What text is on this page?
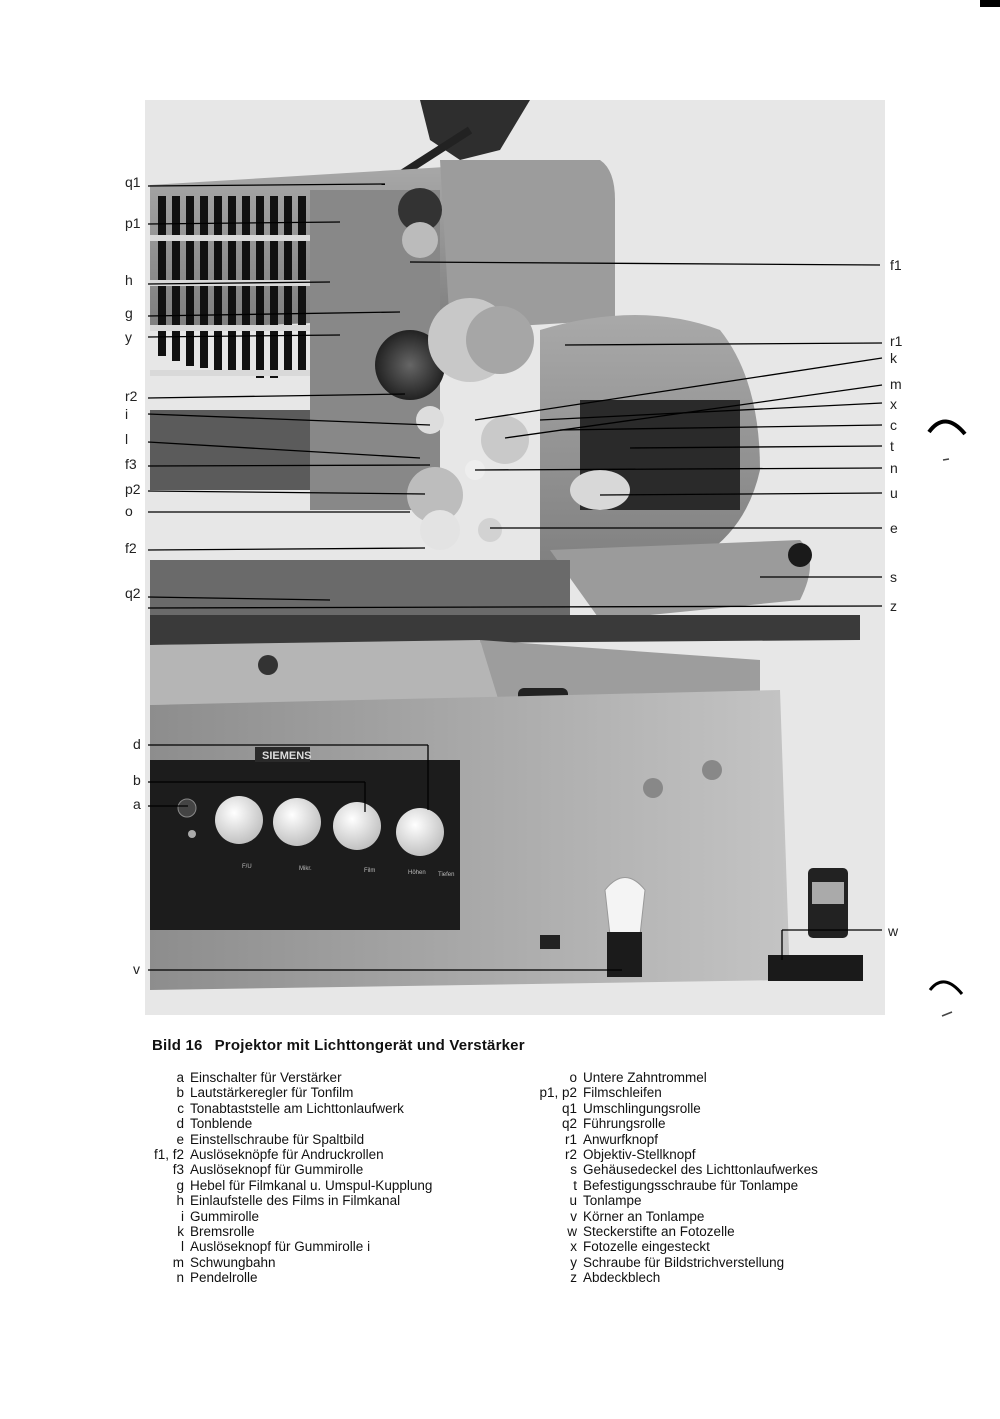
SIEMENS
F/U	Mikr.	Film	Höhen Tiefen
q1
p1
h
g
y
r2
i
l
f3
p2
o
f2
q2
d
b
a
v
f1
r1
k
m
x
c
t
n
u
e
s
z
w
Bild 16 Projektor mit Lichttongerät und Verstärker
a Einschalter für Verstärker
b Lautstärkeregler für Tonfilm
c Tonabtaststelle am Lichttonlaufwerk
d Tonblende
e Einstellschraube für Spaltbild
f1, f2 Auslöseknöpfe für Andruckrollen
f3 Auslöseknopf für Gummirolle
g Hebel für Filmkanal u. Umspul-Kupplung
h Einlaufstelle des Films in Filmkanal
i Gummirolle
k Bremsrolle
l Auslöseknopf für Gummirolle i
m Schwungbahn
n Pendelrolle
o Untere Zahntrommel
p1, p2 Filmschleifen
q1 Umschlingungsrolle
q2 Führungsrolle
r1 Anwurfknopf
r2 Objektiv-Stellknopf
s Gehäusedeckel des Lichttonlaufwerkes
t Befestigungsschraube für Tonlampe
u Tonlampe
v Körner an Tonlampe
w Steckerstifte an Fotozelle
x Fotozelle eingesteckt
y Schraube für Bildstrichverstellung
z Abdeckblech
